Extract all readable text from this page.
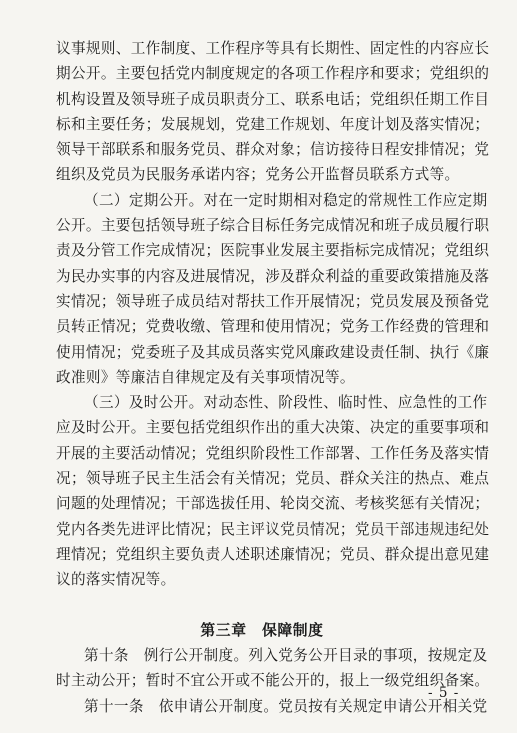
议事规则、工作制度、工作程序等具有长期性、固定性的内容应长
期公开。主要包括党内制度规定的各项工作程序和要求；党组织的
机构设置及领导班子成员职责分工、联系电话；党组织任期工作目
标和主要任务；发展规划，党建工作规划、年度计划及落实情况；
领导干部联系和服务党员、群众对象；信访接待日程安排情况；党
组织及党员为民服务承诺内容；党务公开监督员联系方式等。
（二）定期公开。对在一定时期相对稳定的常规性工作应定期
公开。主要包括领导班子综合目标任务完成情况和班子成员履行职
责及分管工作完成情况；医院事业发展主要指标完成情况；党组织
为民办实事的内容及进展情况，涉及群众利益的重要政策措施及落
实情况；领导班子成员结对帮扶工作开展情况；党员发展及预备党
员转正情况；党费收缴、管理和使用情况；党务工作经费的管理和
使用情况；党委班子及其成员落实党风廉政建设责任制、执行《廉
政准则》等廉洁自律规定及有关事项情况等。
（三）及时公开。对动态性、阶段性、临时性、应急性的工作
应及时公开。主要包括党组织作出的重大决策、决定的重要事项和
开展的主要活动情况；党组织阶段性工作部署、工作任务及落实情
况；领导班子民主生活会有关情况；党员、群众关注的热点、难点
问题的处理情况；干部选拔任用、轮岗交流、考核奖惩有关情况；
党内各类先进评比情况；民主评议党员情况；党员干部违规违纪处
理情况；党组织主要负责人述职述廉情况；党员、群众提出意见建
议的落实情况等。
第三章　保障制度
第十条　例行公开制度。列入党务公开目录的事项，按规定及
时主动公开；暂时不宜公开或不能公开的，报上一级党组织备案。
第十一条　依申请公开制度。党员按有关规定申请公开相关党
- 5 -
